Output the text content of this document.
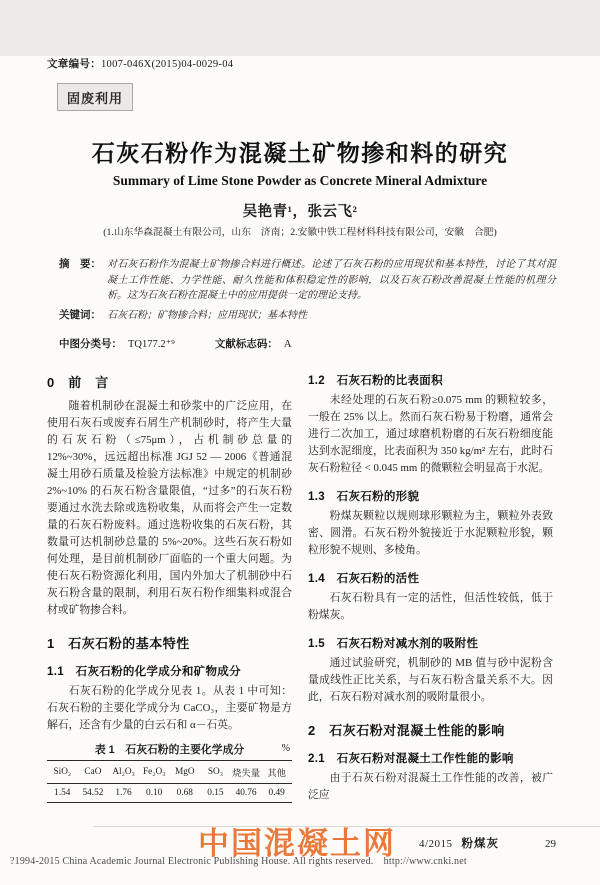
文章编号：1007-046X(2015)04-0029-04
固废利用
石灰石粉作为混凝土矿物掺和料的研究
Summary of Lime Stone Powder as Concrete Mineral Admixture
吴艳青¹，张云飞²
(1.山东华森混凝土有限公司，山东　济南；2.安徽中铁工程材料科技有限公司，安徽　合肥)
摘　要： 对石灰石粉作为混凝土矿物掺合料进行概述。论述了石灰石粉的应用现状和基本特性，讨论了其对混凝土工作性能、力学性能、耐久性能和体积稳定性的影响，以及石灰石粉改善混凝土性能的机理分析。这为石灰石粉在混凝土中的应用提供一定的理论支持。
关键词： 石灰石粉；矿物掺合料；应用现状；基本特性
中图分类号： TQ177.2⁺⁹	文献标志码： A
0　前　言

随着机制砂在混凝土和砂浆中的广泛应用，在使用石灰石或废弃石屑生产机制砂时，将产生大量的石灰石粉（≤75μm），占机制砂总量的 12%~30%，远远超出标准 JGJ 52 — 2006《普通混凝土用砂石质量及检验方法标准》中规定的机制砂 2%~10% 的石灰石粉含量限值，“过多”的石灰石粉要通过水洗去除或选粉收集，从而将会产生一定数量的石灰石粉废料。通过选粉收集的石灰石粉，其数量可达机制砂总量的 5%~20%。这些石灰石粉如何处理，是目前机制砂厂面临的一个重大问题。为使石灰石粉资源化利用，国内外加大了机制砂中石灰石粉含量的限制，利用石灰石粉作细集料或混合材或矿物掺合料。

1　石灰石粉的基本特性
1.1　石灰石粉的化学成分和矿物成分

石灰石粉的化学成分见表 1。从表 1 中可知：石灰石粉的主要化学成分为 CaCO₃，主要矿物是方解石，还含有少量的白云石和 α－石英。

表 1　石灰石粉的主要化学成分	%
SiO₂	CaO	Al₂O₃	Fe₂O₃	MgO	SO₃	烧失量	其他
1.54	54.52	1.76	0.10	0.68	0.15	40.76	0.49
1.2　石灰石粉的比表面积

未经处理的石灰石粉≥0.075 mm 的颗粒较多，一般在 25% 以上。然而石灰石粉易于粉磨，通常会进行二次加工，通过球磨机粉磨的石灰石粉细度能达到水泥细度，比表面积为 350 kg/m² 左右，此时石灰石粉粒径 < 0.045 mm 的微颗粒会明显高于水泥。

1.3　石灰石粉的形貌

粉煤灰颗粒以规则球形颗粒为主，颗粒外表致密、圆滑。石灰石粉外貌接近于水泥颗粒形貌，颗粒形貌不规则、多棱角。

1.4　石灰石粉的活性

石灰石粉具有一定的活性，但活性较低，低于粉煤灰。

1.5　石灰石粉对减水剂的吸附性

通过试验研究，机制砂的 MB 值与砂中泥粉含量成线性正比关系，与石灰石粉含量关系不大。因此，石灰石粉对减水剂的吸附量很小。

2　石灰石粉对混凝土性能的影响
2.1　石灰石粉对混凝土工作性能的影响

由于石灰石粉对混凝土工作性能的改善，被广泛应

中国混凝土网 4/2015 粉煤灰	29
?1994-2015 China Academic Journal Electronic Publishing House. All rights reserved.　http://www.cnki.net
